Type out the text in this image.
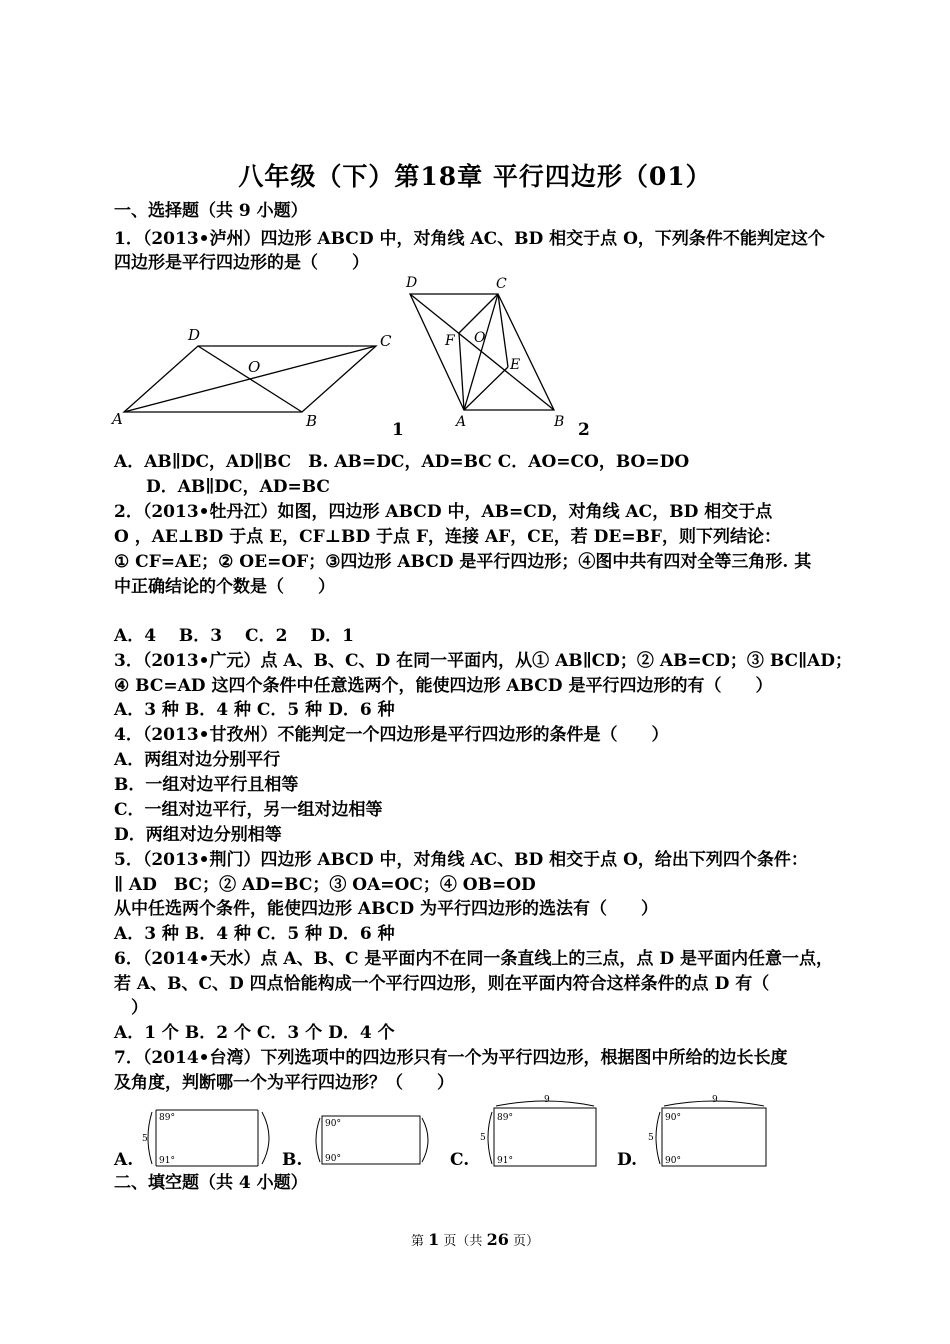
八年级（下）第18章 平行四边形（01）
一、选择题（共 9 小题）
1．（2013•泸州）四边形 ABCD 中，对角线 AC、BD 相交于点 O，下列条件不能判定这个
四边形是平行四边形的是（　　）
A	B
C
D
O
A	B
C
D
E
F O
1	2
A．AB∥DC，AD∥BC　B. AB=DC，AD=BC C．AO=CO，BO=DO
D．AB∥DC，AD=BC
2．（2013•牡丹江）如图，四边形 ABCD 中，AB=CD，对角线 AC，BD 相交于点
O ，AE⊥BD 于点 E，CF⊥BD 于点 F，连接 AF，CE，若 DE=BF，则下列结论：
① CF=AE；② OE=OF；③四边形 ABCD 是平行四边形；④图中共有四对全等三角形. 其
中正确结论的个数是（　　）
A．4　 B．3　 C．2　 D．1
3．（2013•广元）点 A、B、C、D 在同一平面内，从① AB∥CD；② AB=CD；③ BC∥AD；
④ BC=AD 这四个条件中任意选两个，能使四边形 ABCD 是平行四边形的有（　　）
A．3 种 B．4 种 C．5 种 D．6 种
4．（2013•甘孜州）不能判定一个四边形是平行四边形的条件是（　　）
A．两组对边分别平行
B．一组对边平行且相等
C．一组对边平行，另一组对边相等
D．两组对边分别相等
5．（2013•荆门）四边形 ABCD 中，对角线 AC、BD 相交于点 O，给出下列四个条件：
∥ AD　BC；② AD=BC；③ OA=OC；④ OB=OD
从中任选两个条件，能使四边形 ABCD 为平行四边形的选法有（　　）
A．3 种 B．4 种 C．5 种 D．6 种
6．（2014•天水）点 A、B、C 是平面内不在同一条直线上的三点，点 D 是平面内任意一点，
若 A、B、C、D 四点恰能构成一个平行四边形，则在平面内符合这样条件的点 D 有（
　）
A．1 个 B．2 个 C．3 个 D．4 个
7．（2014•台湾）下列选项中的四边形只有一个为平行四边形，根据图中所给的边长长度
及角度，判断哪一个为平行四边形？（　　）
A.
5
89°
91°	B.
90°
90°	C.
9
5
89°
91°	D.
9
5
90°
90°
二、填空题（共 4 小题）
第 1 页（共 26 页）
